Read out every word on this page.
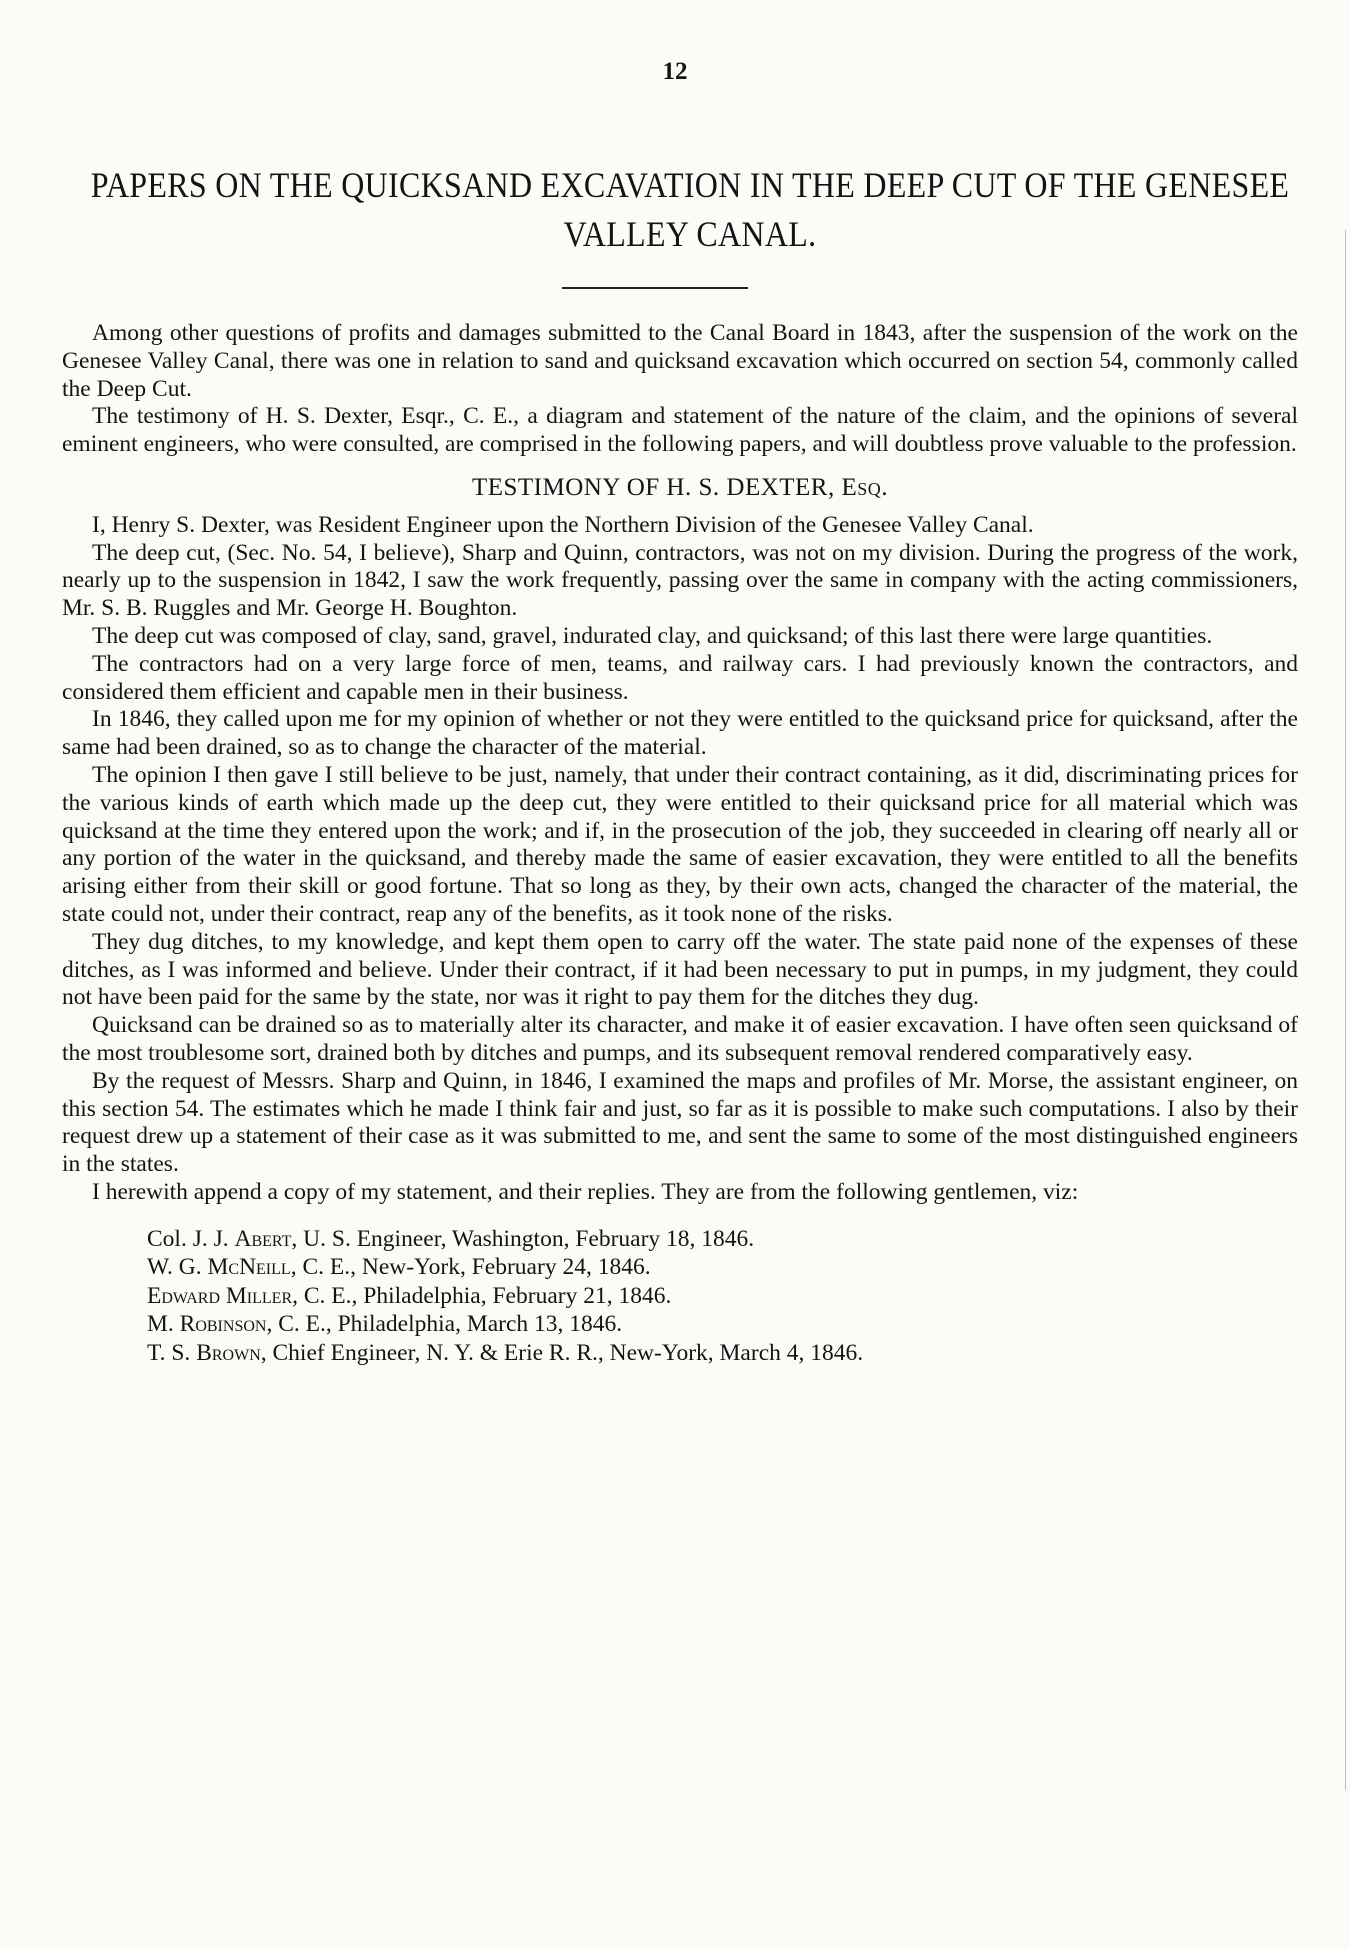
12
PAPERS ON THE QUICKSAND EXCAVATION IN THE DEEP CUT OF THE GENESEE VALLEY CANAL.

Among other questions of profits and damages submitted to the Canal Board in 1843, after the suspension of the work on the Genesee Valley Canal, there was one in relation to sand and quicksand excavation which occurred on section 54, commonly called the Deep Cut.

The testimony of H. S. Dexter, Esqr., C. E., a diagram and statement of the nature of the claim, and the opinions of several eminent engineers, who were consulted, are comprised in the following papers, and will doubtless prove valuable to the profession.

TESTIMONY OF H. S. DEXTER, Esq.

I, Henry S. Dexter, was Resident Engineer upon the Northern Division of the Genesee Valley Canal.

The deep cut, (Sec. No. 54, I believe), Sharp and Quinn, contractors, was not on my division. During the progress of the work, nearly up to the suspension in 1842, I saw the work frequently, passing over the same in company with the acting commissioners, Mr. S. B. Ruggles and Mr. George H. Boughton.

The deep cut was composed of clay, sand, gravel, indurated clay, and quicksand; of this last there were large quantities.

The contractors had on a very large force of men, teams, and railway cars. I had previously known the contractors, and considered them efficient and capable men in their business.

In 1846, they called upon me for my opinion of whether or not they were entitled to the quicksand price for quicksand, after the same had been drained, so as to change the character of the material.

The opinion I then gave I still believe to be just, namely, that under their contract containing, as it did, discriminating prices for the various kinds of earth which made up the deep cut, they were entitled to their quicksand price for all material which was quicksand at the time they entered upon the work; and if, in the prosecution of the job, they succeeded in clearing off nearly all or any portion of the water in the quicksand, and thereby made the same of easier excavation, they were entitled to all the benefits arising either from their skill or good fortune. That so long as they, by their own acts, changed the character of the material, the state could not, under their contract, reap any of the benefits, as it took none of the risks.

They dug ditches, to my knowledge, and kept them open to carry off the water. The state paid none of the expenses of these ditches, as I was informed and believe. Under their contract, if it had been necessary to put in pumps, in my judgment, they could not have been paid for the same by the state, nor was it right to pay them for the ditches they dug.

Quicksand can be drained so as to materially alter its character, and make it of easier excavation. I have often seen quicksand of the most troublesome sort, drained both by ditches and pumps, and its subsequent removal rendered comparatively easy.

By the request of Messrs. Sharp and Quinn, in 1846, I examined the maps and profiles of Mr. Morse, the assistant engineer, on this section 54. The estimates which he made I think fair and just, so far as it is possible to make such computations. I also by their request drew up a statement of their case as it was submitted to me, and sent the same to some of the most distinguished engineers in the states.

I herewith append a copy of my statement, and their replies. They are from the following gentlemen, viz:

Col. J. J. Abert, U. S. Engineer, Washington, February 18, 1846.
W. G. McNeill, C. E., New-York, February 24, 1846.
Edward Miller, C. E., Philadelphia, February 21, 1846.
M. Robinson, C. E., Philadelphia, March 13, 1846.
T. S. Brown, Chief Engineer, N. Y. & Erie R. R., New-York, March 4, 1846.
